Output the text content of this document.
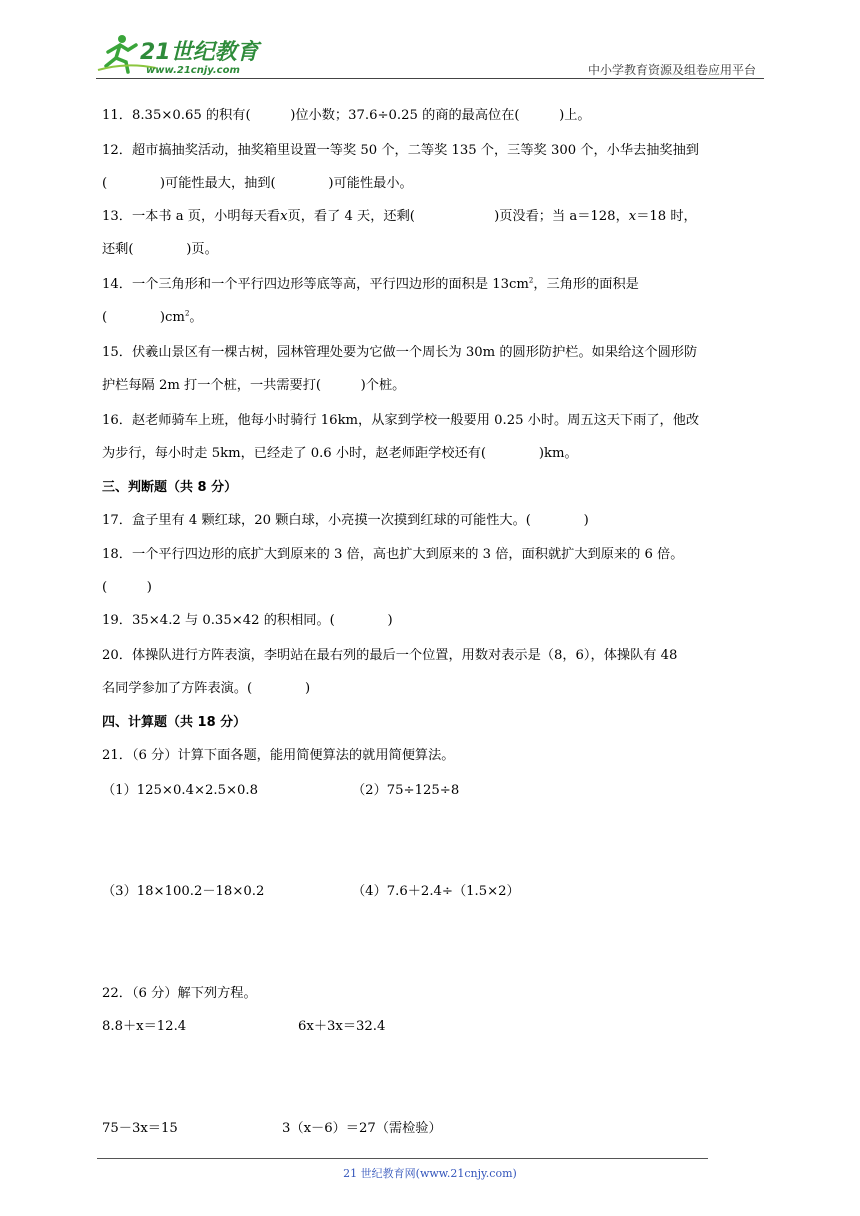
21世纪教育
www.21cnjy.com	中小学教育资源及组卷应用平台
11．8.35×0.65 的积有(　　　)位小数；37.6÷0.25 的商的最高位在(　　　)上。
12．超市搞抽奖活动，抽奖箱里设置一等奖 50 个，二等奖 135 个，三等奖 300 个，小华去抽奖抽到
(　　　　)可能性最大，抽到(　　　　)可能性最小。
13．一本书 a 页，小明每天看x页，看了 4 天，还剩(　　　　　　)页没看；当 a＝128，x＝18 时，
还剩(　　　　)页。
14．一个三角形和一个平行四边形等底等高，平行四边形的面积是 $13cm^2$，三角形的面积是
(　　　　)$cm^2$。
15．伏羲山景区有一棵古树，园林管理处要为它做一个周长为 30m 的圆形防护栏。如果给这个圆形防
护栏每隔 2m 打一个桩，一共需要打(　　　)个桩。
16．赵老师骑车上班，他每小时骑行 16km，从家到学校一般要用 0.25 小时。周五这天下雨了，他改
为步行，每小时走 5km，已经走了 0.6 小时，赵老师距学校还有(　　　　)km。
三、判断题（共 8 分）
17．盒子里有 4 颗红球，20 颗白球，小亮摸一次摸到红球的可能性大。(　　　　)
18．一个平行四边形的底扩大到原来的 3 倍，高也扩大到原来的 3 倍，面积就扩大到原来的 6 倍。
(　　　)
19．35×4.2 与 0.35×42 的积相同。(　　　　)
20．体操队进行方阵表演，李明站在最右列的最后一个位置，用数对表示是（8，6），体操队有 48
名同学参加了方阵表演。(　　　　)
四、计算题（共 18 分）
21．（6 分）计算下面各题，能用简便算法的就用简便算法。
（1）125×0.4×2.5×0.8	（2）75÷125÷8
（3）18×100.2－18×0.2	（4）7.6＋2.4÷（1.5×2）
22．（6 分）解下列方程。
8.8＋x＝12.4	6x＋3x＝32.4
75－3x＝15	3（x－6）＝27（需检验）
21 世纪教育网(www.21cnjy.com)
